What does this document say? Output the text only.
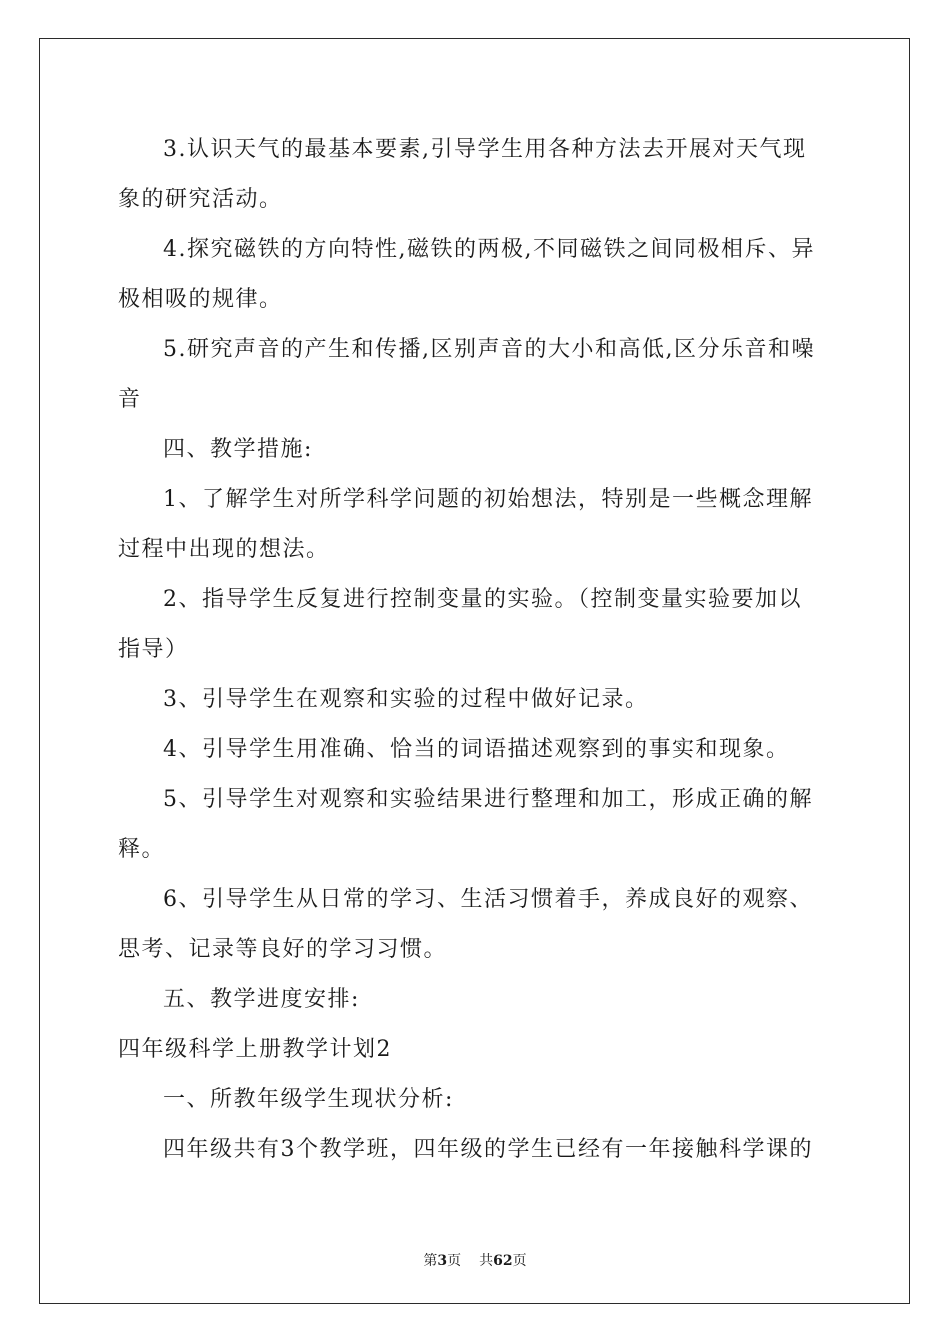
3.认识天气的最基本要素,引导学生用各种方法去开展对天气现

象的研究活动。

4.探究磁铁的方向特性,磁铁的两极,不同磁铁之间同极相斥、异

极相吸的规律。

5.研究声音的产生和传播,区别声音的大小和高低,区分乐音和噪

音

四、教学措施:

1、了解学生对所学科学问题的初始想法，特别是一些概念理解

过程中出现的想法。

2、指导学生反复进行控制变量的实验。（控制变量实验要加以

指导）

3、引导学生在观察和实验的过程中做好记录。

4、引导学生用准确、恰当的词语描述观察到的事实和现象。

5、引导学生对观察和实验结果进行整理和加工，形成正确的解

释。

6、引导学生从日常的学习、生活习惯着手，养成良好的观察、

思考、记录等良好的学习习惯。

五、教学进度安排:

四年级科学上册教学计划2

一、所教年级学生现状分析:

四年级共有3个教学班，四年级的学生已经有一年接触科学课的

第3页 共62页
